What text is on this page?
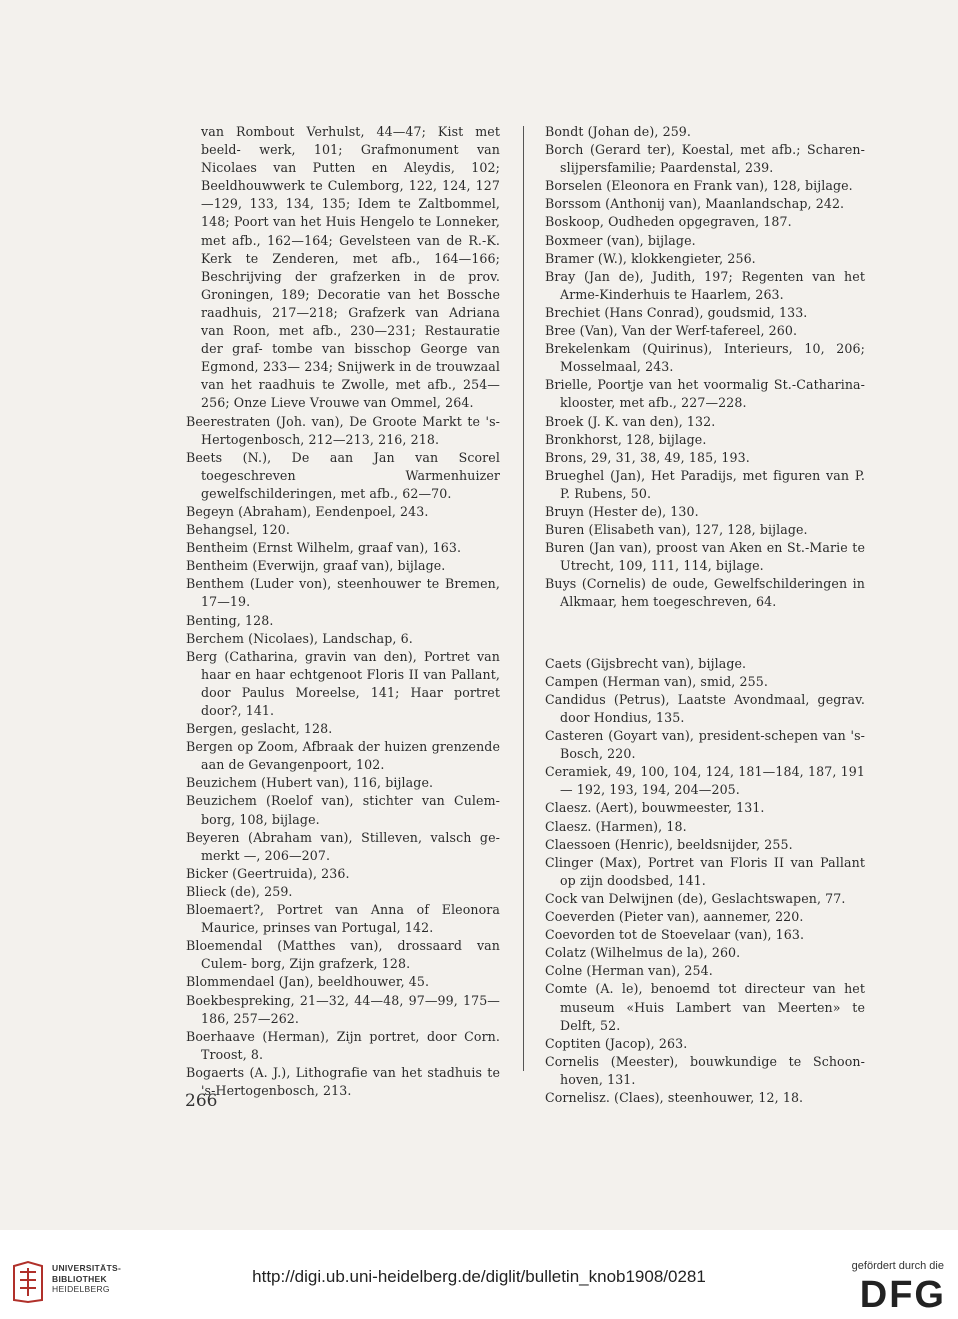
van Rombout Verhulst, 44—47; Kist met beeld- werk, 101; Grafmonument van Nicolaes van Putten en Aleydis, 102; Beeldhouwwerk te Culemborg, 122, 124, 127—129, 133, 134, 135; Idem te Zaltbommel, 148; Poort van het Huis Hengelo te Lonneker, met afb., 162—164; Gevelsteen van de R.-K. Kerk te Zenderen, met afb., 164—166; Beschrijving der grafzerken in de prov. Groningen, 189; Decoratie van het Bossche raadhuis, 217—218; Grafzerk van Adriana van Roon, met afb., 230—231; Restauratie der graf- tombe van bisschop George van Egmond, 233— 234; Snijwerk in de trouwzaal van het raadhuis te Zwolle, met afb., 254—256; Onze Lieve Vrouwe van Ommel, 264.

Beerestraten (Joh. van), De Groote Markt te 's-Hertogenbosch, 212—213, 216, 218.

Beets (N.), De aan Jan van Scorel toegeschreven Warmenhuizer gewelfschilderingen, met afb., 62—70.

Begeyn (Abraham), Eendenpoel, 243.

Behangsel, 120.

Bentheim (Ernst Wilhelm, graaf van), 163.

Bentheim (Everwijn, graaf van), bijlage.

Benthem (Luder von), steenhouwer te Bremen, 17—19.

Benting, 128.

Berchem (Nicolaes), Landschap, 6.

Berg (Catharina, gravin van den), Portret van haar en haar echtgenoot Floris II van Pallant, door Paulus Moreelse, 141; Haar portret door?, 141.

Bergen, geslacht, 128.

Bergen op Zoom, Afbraak der huizen grenzende aan de Gevangenpoort, 102.

Beuzichem (Hubert van), 116, bijlage.

Beuzichem (Roelof van), stichter van Culem- borg, 108, bijlage.

Beyeren (Abraham van), Stilleven, valsch ge- merkt —, 206—207.

Bicker (Geertruida), 236.

Blieck (de), 259.

Bloemaert?, Portret van Anna of Eleonora Maurice, prinses van Portugal, 142.

Bloemendal (Matthes van), drossaard van Culem- borg, Zijn grafzerk, 128.

Blommendael (Jan), beeldhouwer, 45.

Boekbespreking, 21—32, 44—48, 97—99, 175—186, 257—262.

Boerhaave (Herman), Zijn portret, door Corn. Troost, 8.

Bogaerts (A. J.), Lithografie van het stadhuis te 's-Hertogenbosch, 213.

Bondt (Johan de), 259.

Borch (Gerard ter), Koestal, met afb.; Scharen- slijpersfamilie; Paardenstal, 239.

Borselen (Eleonora en Frank van), 128, bijlage.

Borssom (Anthonij van), Maanlandschap, 242.

Boskoop, Oudheden opgegraven, 187.

Boxmeer (van), bijlage.

Bramer (W.), klokkengieter, 256.

Bray (Jan de), Judith, 197; Regenten van het Arme-Kinderhuis te Haarlem, 263.

Brechiet (Hans Conrad), goudsmid, 133.

Bree (Van), Van der Werf-tafereel, 260.

Brekelenkam (Quirinus), Interieurs, 10, 206; Mosselmaal, 243.

Brielle, Poortje van het voormalig St.-Catharina- klooster, met afb., 227—228.

Broek (J. K. van den), 132.

Bronkhorst, 128, bijlage.

Brons, 29, 31, 38, 49, 185, 193.

Brueghel (Jan), Het Paradijs, met figuren van P. P. Rubens, 50.

Bruyn (Hester de), 130.

Buren (Elisabeth van), 127, 128, bijlage.

Buren (Jan van), proost van Aken en St.-Marie te Utrecht, 109, 111, 114, bijlage.

Buys (Cornelis) de oude, Gewelfschilderingen in Alkmaar, hem toegeschreven, 64.

Caets (Gijsbrecht van), bijlage.

Campen (Herman van), smid, 255.

Candidus (Petrus), Laatste Avondmaal, gegrav. door Hondius, 135.

Casteren (Goyart van), president-schepen van 's-Bosch, 220.

Ceramiek, 49, 100, 104, 124, 181—184, 187, 191— 192, 193, 194, 204—205.

Claesz. (Aert), bouwmeester, 131.

Claesz. (Harmen), 18.

Claessoen (Henric), beeldsnijder, 255.

Clinger (Max), Portret van Floris II van Pallant op zijn doodsbed, 141.

Cock van Delwijnen (de), Geslachtswapen, 77.

Coeverden (Pieter van), aannemer, 220.

Coevorden tot de Stoevelaar (van), 163.

Colatz (Wilhelmus de la), 260.

Colne (Herman van), 254.

Comte (A. le), benoemd tot directeur van het museum «Huis Lambert van Meerten» te Delft, 52.

Coptiten (Jacop), 263.

Cornelis (Meester), bouwkundige te Schoon- hoven, 131.

Cornelisz. (Claes), steenhouwer, 12, 18.

266
UNIVERSITÄTS-
BIBLIOTHEK
HEIDELBERG
http://digi.ub.uni-heidelberg.de/diglit/bulletin_knob1908/0281
gefördert durch die
DFG
